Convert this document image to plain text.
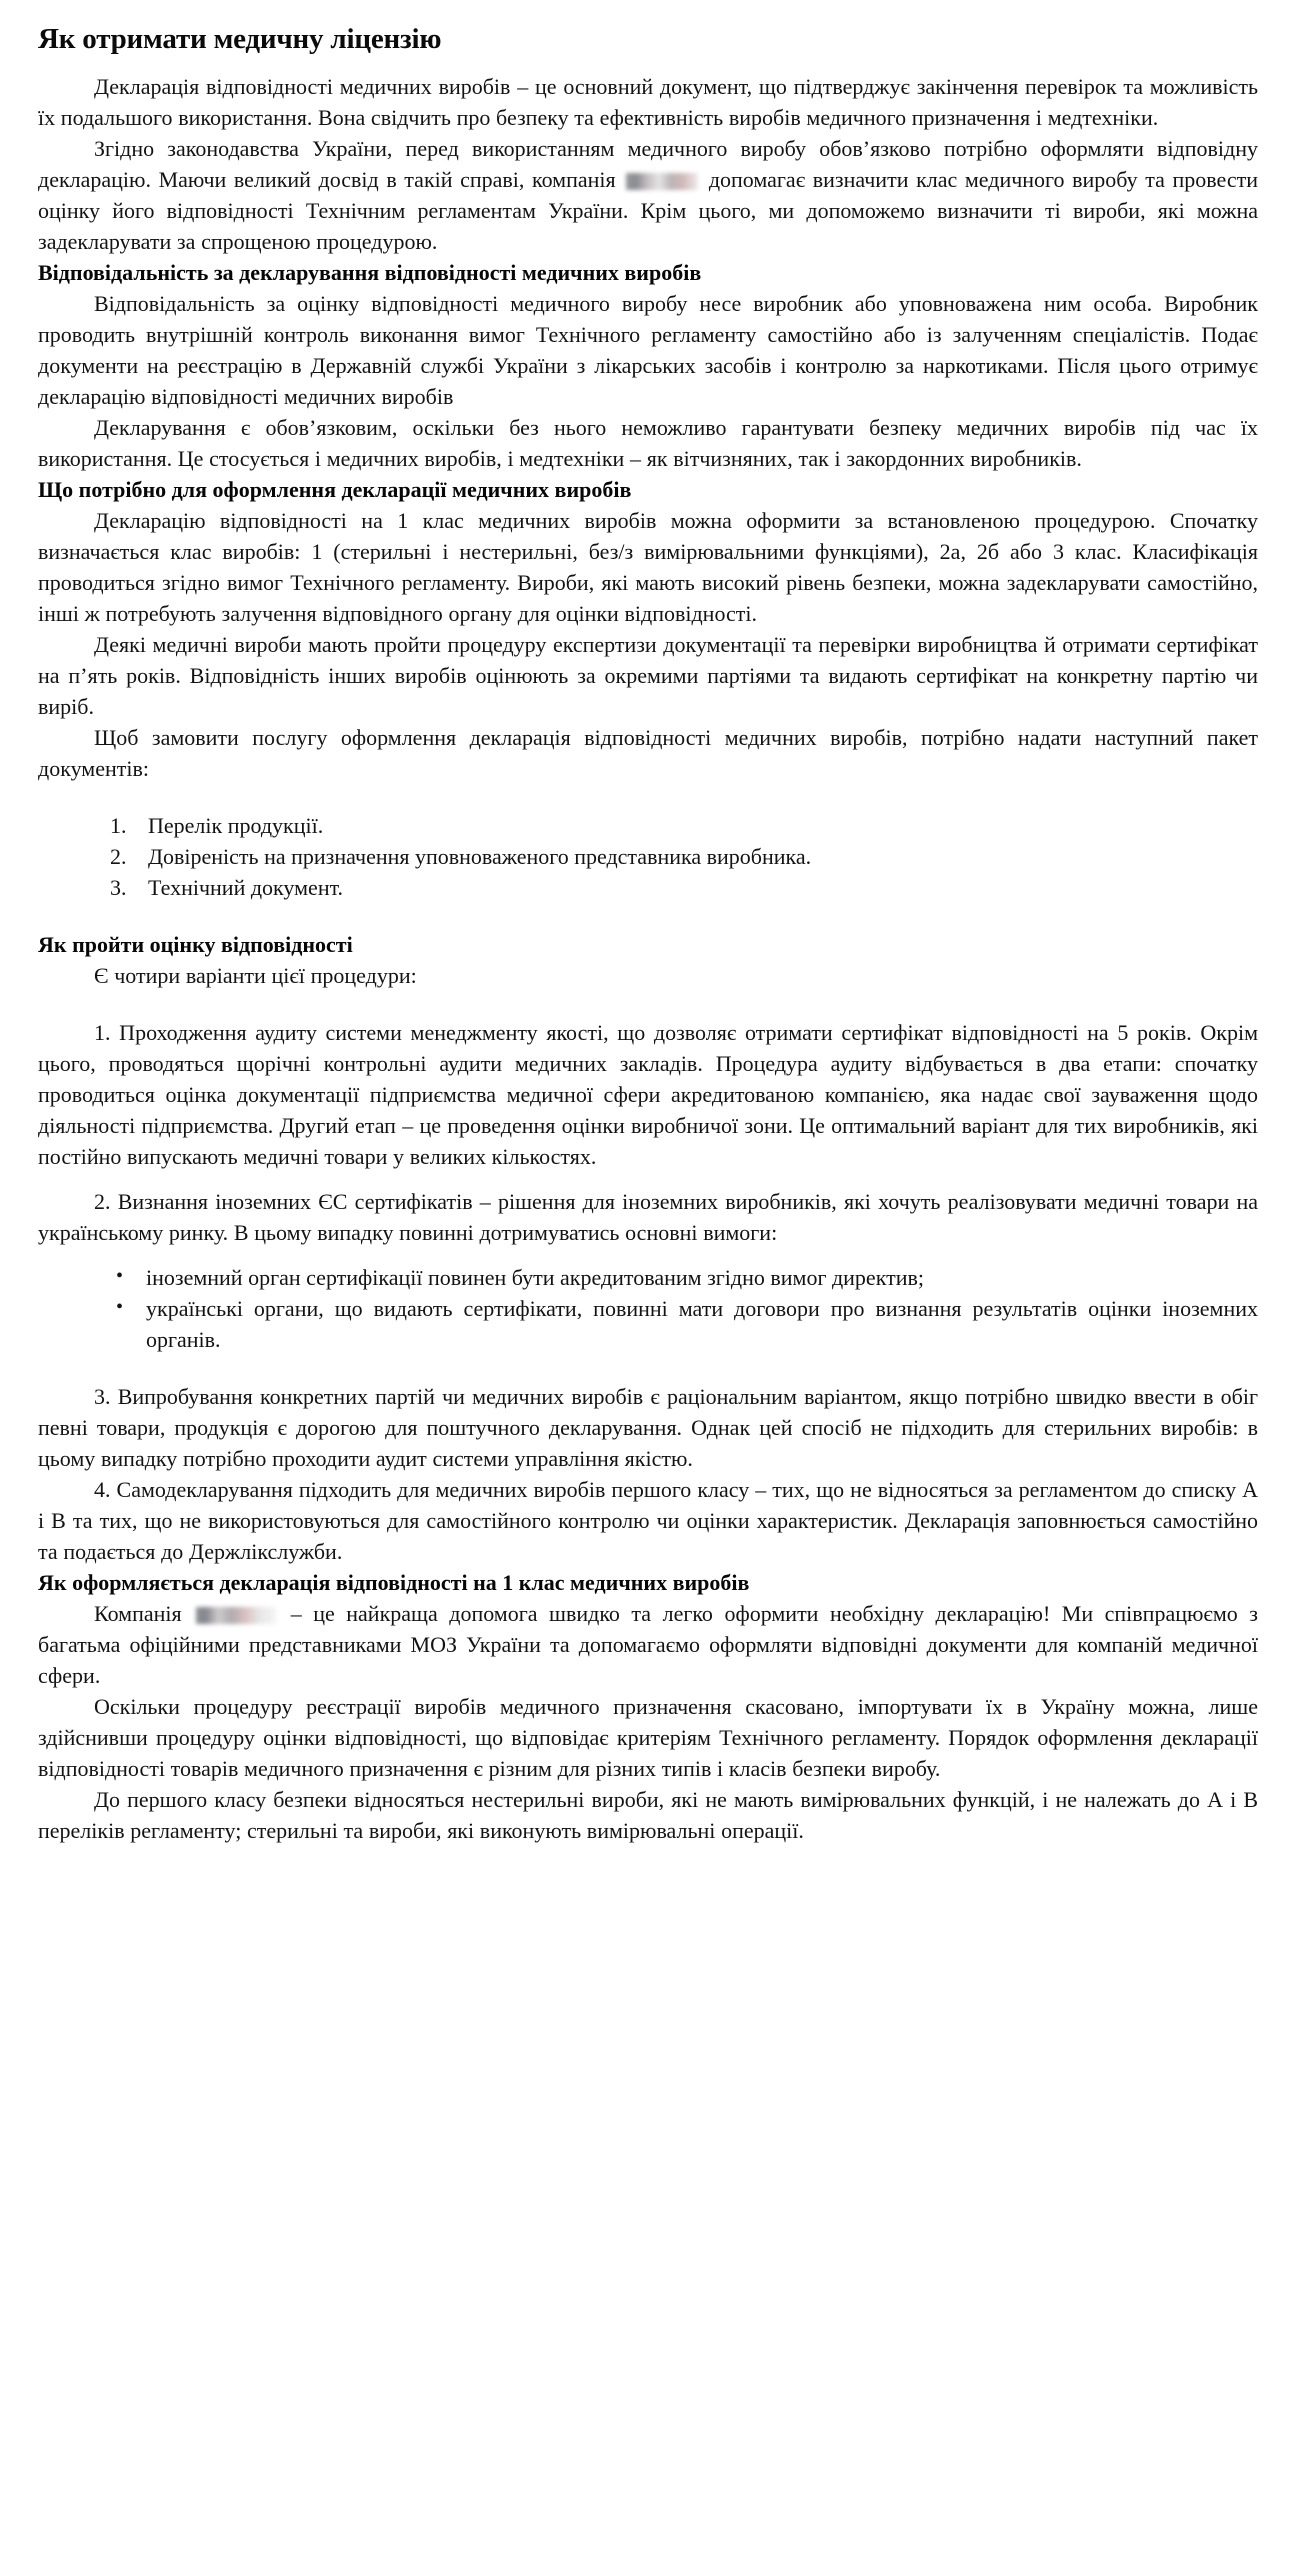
Як отримати медичну ліцензію

Декларація відповідності медичних виробів – це основний документ, що підтверджує закінчення перевірок та можливість їх подальшого використання. Вона свідчить про безпеку та ефективність виробів медичного призначення і медтехніки.

Згідно законодавства України, перед використанням медичного виробу обов’язково потрібно оформляти відповідну декларацію. Маючи великий досвід в такій справі, компанія	допомагає визначити клас медичного виробу та провести оцінку його відповідності Технічним регламентам України. Крім цього, ми допоможемо визначити ті вироби, які можна задекларувати за спрощеною процедурою.

Відповідальність за декларування відповідності медичних виробів

Відповідальність за оцінку відповідності медичного виробу несе виробник або уповноважена ним особа. Виробник проводить внутрішній контроль виконання вимог Технічного регламенту самостійно або із залученням спеціалістів. Подає документи на реєстрацію в Державній службі України з лікарських засобів і контролю за наркотиками. Після цього отримує декларацію відповідності медичних виробів

Декларування є обов’язковим, оскільки без нього неможливо гарантувати безпеку медичних виробів під час їх використання. Це стосується і медичних виробів, і медтехніки – як вітчизняних, так і закордонних виробників.

Що потрібно для оформлення декларації медичних виробів

Декларацію відповідності на 1 клас медичних виробів можна оформити за встановленою процедурою. Спочатку визначається клас виробів: 1 (стерильні і нестерильні, без/з вимірювальними функціями), 2а, 2б або 3 клас. Класифікація проводиться згідно вимог Технічного регламенту. Вироби, які мають високий рівень безпеки, можна задекларувати самостійно, інші ж потребують залучення відповідного органу для оцінки відповідності.

Деякі медичні вироби мають пройти процедуру експертизи документації та перевірки виробництва й отримати сертифікат на п’ять років. Відповідність інших виробів оцінюють за окремими партіями та видають сертифікат на конкретну партію чи виріб.

Щоб замовити послугу оформлення декларація відповідності медичних виробів, потрібно надати наступний пакет документів:

Перелік продукції.
Довіреність на призначення уповноваженого представника виробника.
Технічний документ.
Як пройти оцінку відповідності

Є чотири варіанти цієї процедури:

1. Проходження аудиту системи менеджменту якості, що дозволяє отримати сертифікат відповідності на 5 років. Окрім цього, проводяться щорічні контрольні аудити медичних закладів. Процедура аудиту відбувається в два етапи: спочатку проводиться оцінка документації підприємства медичної сфери акредитованою компанією, яка надає свої зауваження щодо діяльності підприємства. Другий етап – це проведення оцінки виробничої зони. Це оптимальний варіант для тих виробників, які постійно випускають медичні товари у великих кількостях.

2. Визнання іноземних ЄС сертифікатів – рішення для іноземних виробників, які хочуть реалізовувати медичні товари на українському ринку. В цьому випадку повинні дотримуватись основні вимоги:

• іноземний орган сертифікації повинен бути акредитованим згідно вимог директив;
• українські органи, що видають сертифікати, повинні мати договори про визнання результатів оцінки іноземних органів.

3. Випробування конкретних партій чи медичних виробів є раціональним варіантом, якщо потрібно швидко ввести в обіг певні товари, продукція є дорогою для поштучного декларування. Однак цей спосіб не підходить для стерильних виробів: в цьому випадку потрібно проходити аудит системи управління якістю.

4. Самодекларування підходить для медичних виробів першого класу – тих, що не відносяться за регламентом до списку А і В та тих, що не використовуються для самостійного контролю чи оцінки характеристик. Декларація заповнюється самостійно та подається до Держлікслужби.

Як оформляється декларація відповідності на 1 клас медичних виробів

Компанія	– це найкраща допомога швидко та легко оформити необхідну декларацію! Ми співпрацюємо з багатьма офіційними представниками МОЗ України та допомагаємо оформляти відповідні документи для компаній медичної сфери.

Оскільки процедуру реєстрації виробів медичного призначення скасовано, імпортувати їх в Україну можна, лише здійснивши процедуру оцінки відповідності, що відповідає критеріям Технічного регламенту. Порядок оформлення декларації відповідності товарів медичного призначення є різним для різних типів і класів безпеки виробу.

До першого класу безпеки відносяться нестерильні вироби, які не мають вимірювальних функцій, і не належать до А і В переліків регламенту; стерильні та вироби, які виконують вимірювальні операції.
